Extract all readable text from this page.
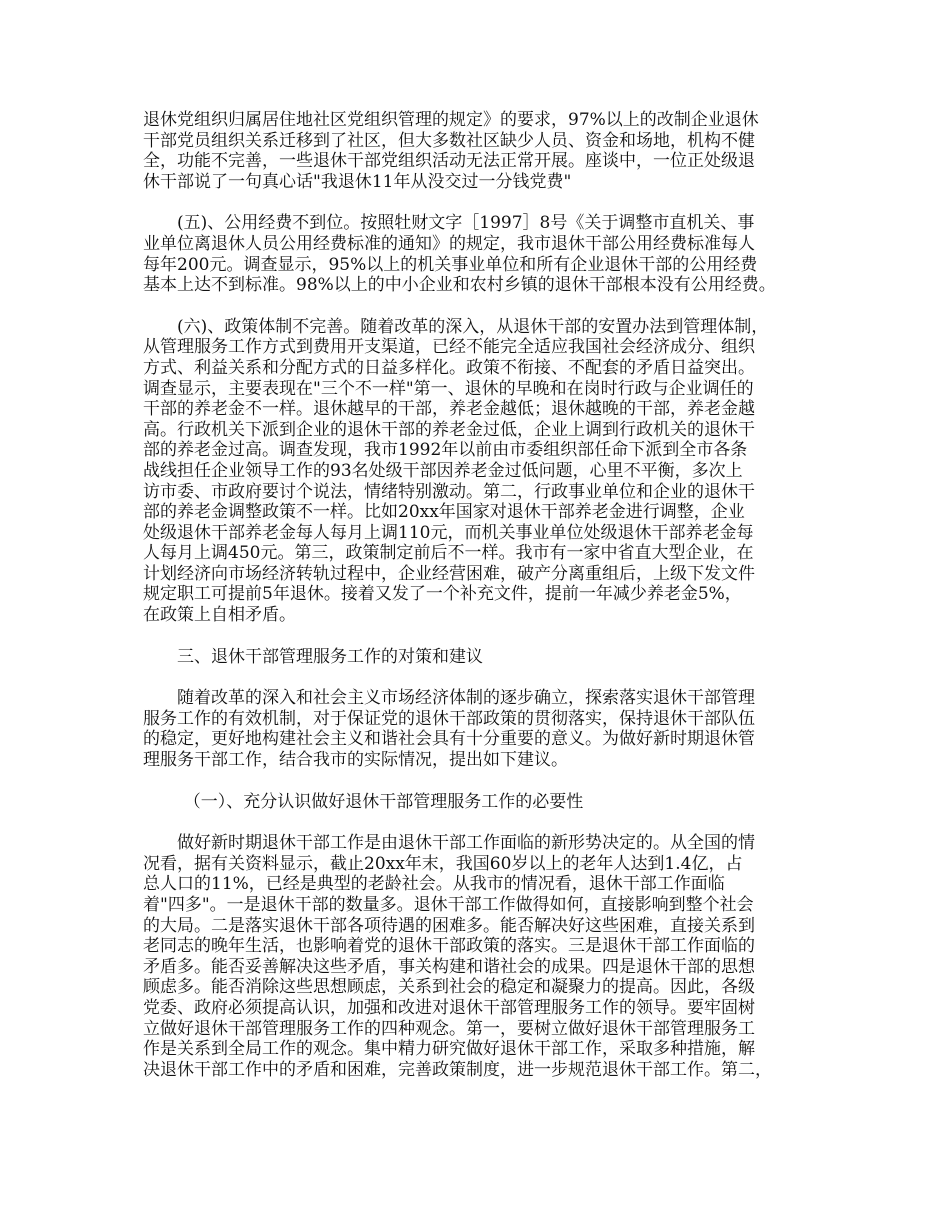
退休党组织归属居住地社区党组织管理的规定》的要求，97%以上的改制企业退休
干部党员组织关系迁移到了社区，但大多数社区缺少人员、资金和场地，机构不健
全，功能不完善，一些退休干部党组织活动无法正常开展。座谈中，一位正处级退
休干部说了一句真心话"我退休11年从没交过一分钱党费"

(五)、公用经费不到位。按照牡财文字［1997］8号《关于调整市直机关、事
业单位离退休人员公用经费标准的通知》的规定，我市退休干部公用经费标准每人
每年200元。调查显示，95%以上的机关事业单位和所有企业退休干部的公用经费
基本上达不到标准。98%以上的中小企业和农村乡镇的退休干部根本没有公用经费。

(六)、政策体制不完善。随着改革的深入，从退休干部的安置办法到管理体制，
从管理服务工作方式到费用开支渠道，已经不能完全适应我国社会经济成分、组织
方式、利益关系和分配方式的日益多样化。政策不衔接、不配套的矛盾日益突出。
调查显示，主要表现在"三个不一样"第一、退休的早晚和在岗时行政与企业调任的
干部的养老金不一样。退休越早的干部，养老金越低；退休越晚的干部，养老金越
高。行政机关下派到企业的退休干部的养老金过低，企业上调到行政机关的退休干
部的养老金过高。调查发现，我市1992年以前由市委组织部任命下派到全市各条
战线担任企业领导工作的93名处级干部因养老金过低问题，心里不平衡，多次上
访市委、市政府要讨个说法，情绪特别激动。第二，行政事业单位和企业的退休干
部的养老金调整政策不一样。比如20xx年国家对退休干部养老金进行调整，企业
处级退休干部养老金每人每月上调110元，而机关事业单位处级退休干部养老金每
人每月上调450元。第三，政策制定前后不一样。我市有一家中省直大型企业，在
计划经济向市场经济转轨过程中，企业经营困难，破产分离重组后，上级下发文件
规定职工可提前5年退休。接着又发了一个补充文件，提前一年减少养老金5%，
在政策上自相矛盾。

三、退休干部管理服务工作的对策和建议

随着改革的深入和社会主义市场经济体制的逐步确立，探索落实退休干部管理
服务工作的有效机制，对于保证党的退休干部政策的贯彻落实，保持退休干部队伍
的稳定，更好地构建社会主义和谐社会具有十分重要的意义。为做好新时期退休管
理服务干部工作，结合我市的实际情况，提出如下建议。

（一）、充分认识做好退休干部管理服务工作的必要性

做好新时期退休干部工作是由退休干部工作面临的新形势决定的。从全国的情
况看，据有关资料显示，截止20xx年末，我国60岁以上的老年人达到1.4亿，占
总人口的11%，已经是典型的老龄社会。从我市的情况看，退休干部工作面临
着"四多"。一是退休干部的数量多。退休干部工作做得如何，直接影响到整个社会
的大局。二是落实退休干部各项待遇的困难多。能否解决好这些困难，直接关系到
老同志的晚年生活，也影响着党的退休干部政策的落实。三是退休干部工作面临的
矛盾多。能否妥善解决这些矛盾，事关构建和谐社会的成果。四是退休干部的思想
顾虑多。能否消除这些思想顾虑，关系到社会的稳定和凝聚力的提高。因此，各级
党委、政府必须提高认识，加强和改进对退休干部管理服务工作的领导。要牢固树
立做好退休干部管理服务工作的四种观念。第一，要树立做好退休干部管理服务工
作是关系到全局工作的观念。集中精力研究做好退休干部工作，采取多种措施，解
决退休干部工作中的矛盾和困难，完善政策制度，进一步规范退休干部工作。第二，
